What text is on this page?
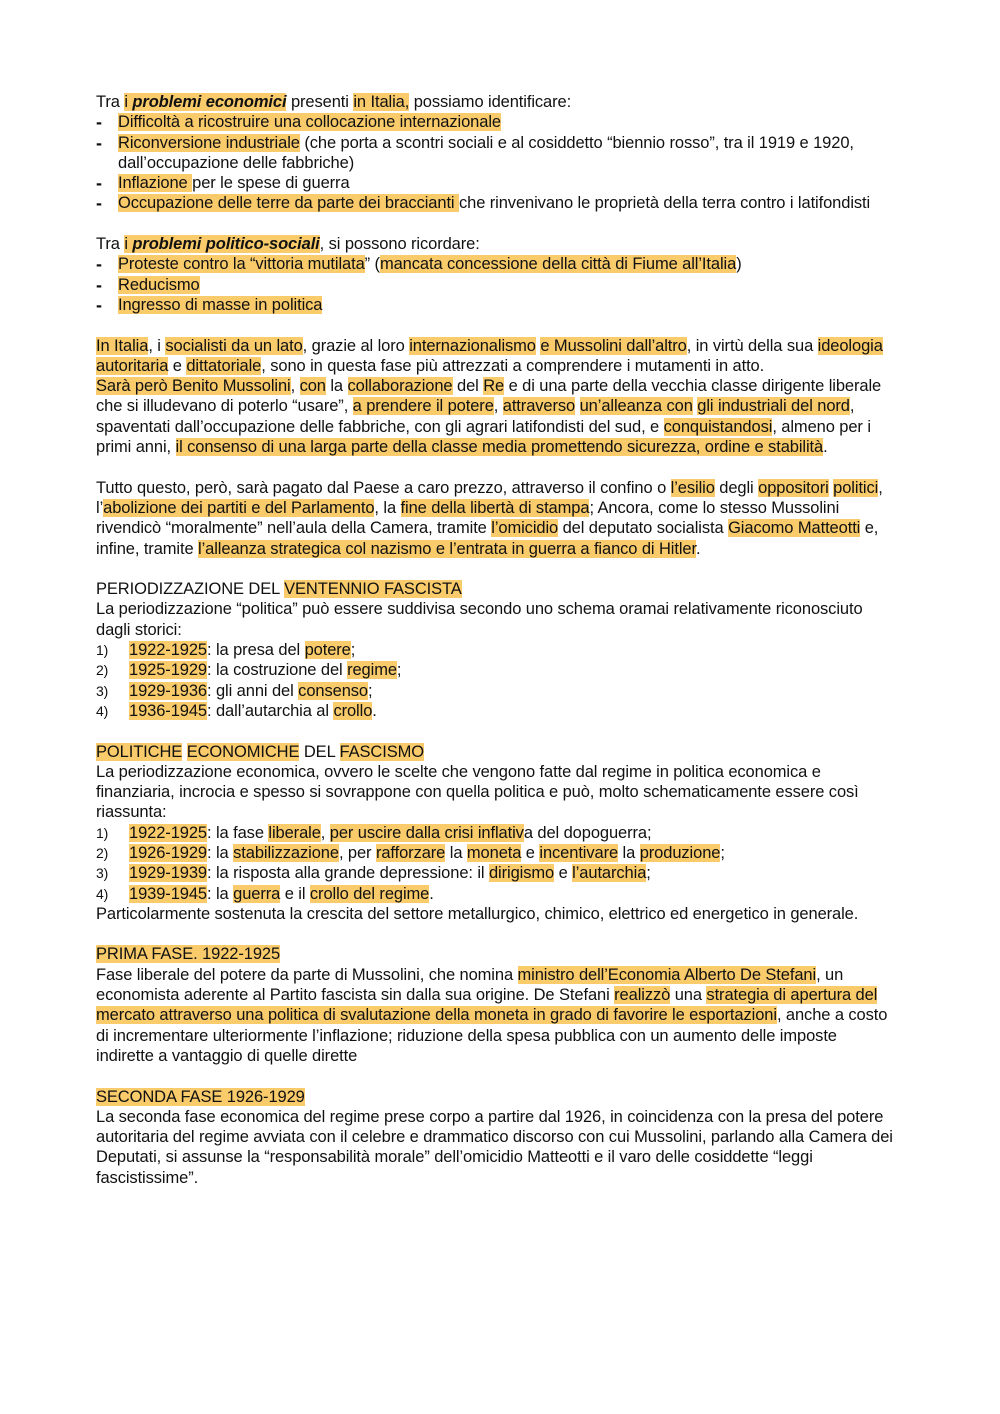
Tra i problemi economici presenti in Italia, possiamo identificare:

- Difficoltà a ricostruire una collocazione internazionale
- Riconversione industriale (che porta a scontri sociali e al cosiddetto “biennio rosso”, tra il 1919 e 1920, dall’occupazione delle fabbriche)
- Inflazione per le spese di guerra
- Occupazione delle terre da parte dei braccianti che rinvenivano le proprietà della terra contro i latifondisti

Tra i problemi politico-sociali, si possono ricordare:

- Proteste contro la “vittoria mutilata” (mancata concessione della città di Fiume all’Italia)
- Reducismo
- Ingresso di masse in politica

In Italia, i socialisti da un lato, grazie al loro internazionalismo e Mussolini dall’altro, in virtù della sua ideologia autoritaria e dittatoriale, sono in questa fase più attrezzati a comprendere i mutamenti in atto.

Sarà però Benito Mussolini, con la collaborazione del Re e di una parte della vecchia classe dirigente liberale che si illudevano di poterlo “usare”, a prendere il potere, attraverso un’alleanza con gli industriali del nord, spaventati dall’occupazione delle fabbriche, con gli agrari latifondisti del sud, e conquistandosi, almeno per i primi anni, il consenso di una larga parte della classe media promettendo sicurezza, ordine e stabilità.

Tutto questo, però, sarà pagato dal Paese a caro prezzo, attraverso il confino o l’esilio degli oppositori politici, l’abolizione dei partiti e del Parlamento, la fine della libertà di stampa; Ancora, come lo stesso Mussolini rivendicò “moralmente” nell’aula della Camera, tramite l’omicidio del deputato socialista Giacomo Matteotti e, infine, tramite l’alleanza strategica col nazismo e l’entrata in guerra a fianco di Hitler.

PERIODIZZAZIONE DEL VENTENNIO FASCISTA

La periodizzazione “politica” può essere suddivisa secondo uno schema oramai relativamente riconosciuto dagli storici:

1) 1922-1925: la presa del potere;
2) 1925-1929: la costruzione del regime;
3) 1929-1936: gli anni del consenso;
4) 1936-1945: dall’autarchia al crollo.

POLITICHE ECONOMICHE DEL FASCISMO

La periodizzazione economica, ovvero le scelte che vengono fatte dal regime in politica economica e finanziaria, incrocia e spesso si sovrappone con quella politica e può, molto schematicamente essere così riassunta:

1) 1922-1925: la fase liberale, per uscire dalla crisi inflativa del dopoguerra;
2) 1926-1929: la stabilizzazione, per rafforzare la moneta e incentivare la produzione;
3) 1929-1939: la risposta alla grande depressione: il dirigismo e l’autarchia;
4) 1939-1945: la guerra e il crollo del regime.

Particolarmente sostenuta la crescita del settore metallurgico, chimico, elettrico ed energetico in generale.

PRIMA FASE. 1922-1925

Fase liberale del potere da parte di Mussolini, che nomina ministro dell’Economia Alberto De Stefani, un economista aderente al Partito fascista sin dalla sua origine. De Stefani realizzò una strategia di apertura del mercato attraverso una politica di svalutazione della moneta in grado di favorire le esportazioni, anche a costo di incrementare ulteriormente l’inflazione; riduzione della spesa pubblica con un aumento delle imposte indirette a vantaggio di quelle dirette

SECONDA FASE 1926-1929

La seconda fase economica del regime prese corpo a partire dal 1926, in coincidenza con la presa del potere autoritaria del regime avviata con il celebre e drammatico discorso con cui Mussolini, parlando alla Camera dei Deputati, si assunse la “responsabilità morale” dell’omicidio Matteotti e il varo delle cosiddette “leggi fascistissime”.
